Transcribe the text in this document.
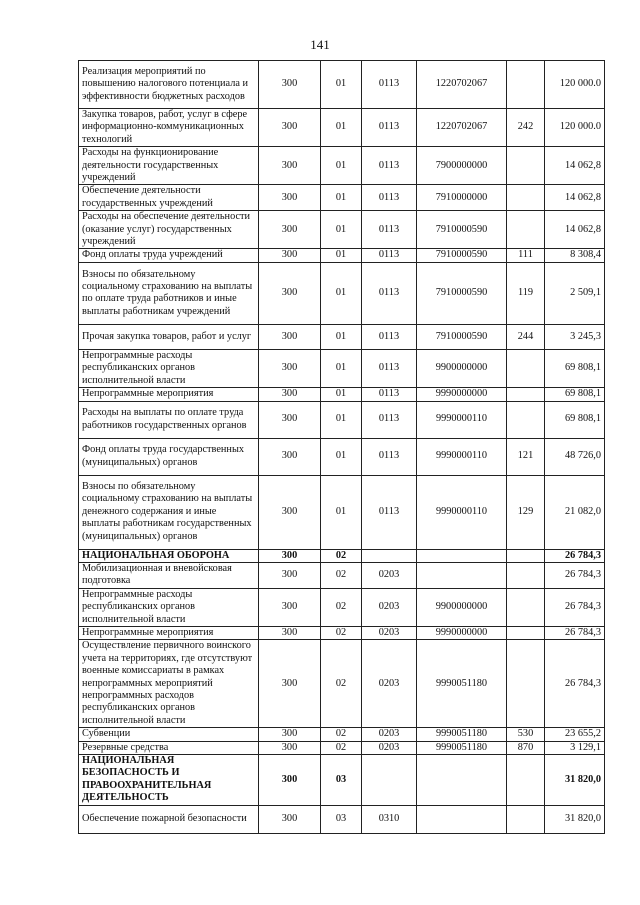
141
Реализация мероприятий по повышению налогового потенциала и эффективности бюджетных расходов	300	01	0113	1220702067		120 000.0
Закупка товаров, работ, услуг в сфере информационно-коммуникационных технологий	300	01	0113	1220702067	242	120 000.0
Расходы на функционирование деятельности государственных учреждений	300	01	0113	7900000000		14 062,8
Обеспечение деятельности государственных учреждений	300	01	0113	7910000000		14 062,8
Расходы на обеспечение деятельности (оказание услуг) государственных учреждений	300	01	0113	7910000590		14 062,8
Фонд оплаты труда учреждений	300	01	0113	7910000590	111	8 308,4
Взносы по обязательному социальному страхованию на выплаты по оплате труда работников и иные выплаты работникам учреждений	300	01	0113	7910000590	119	2 509,1
Прочая закупка товаров, работ и услуг	300	01	0113	7910000590	244	3 245,3
Непрограммные расходы республиканских органов исполнительной власти	300	01	0113	9900000000		69 808,1
Непрограммные мероприятия	300	01	0113	9990000000		69 808,1
Расходы на выплаты по оплате труда работников государственных органов	300	01	0113	9990000110		69 808,1
Фонд оплаты труда государственных (муниципальных) органов	300	01	0113	9990000110	121	48 726,0
Взносы по обязательному социальному страхованию на выплаты денежного содержания и иные выплаты работникам государственных (муниципальных) органов	300	01	0113	9990000110	129	21 082,0
НАЦИОНАЛЬНАЯ ОБОРОНА	300	02				26 784,3
Мобилизационная и вневойсковая подготовка	300	02	0203			26 784,3
Непрограммные расходы республиканских органов исполнительной власти	300	02	0203	9900000000		26 784,3
Непрограммные мероприятия	300	02	0203	9990000000		26 784,3
Осуществление первичного воинского учета на территориях, где отсутствуют военные комиссариаты в рамках непрограммных мероприятий непрограммных расходов республиканских органов исполнительной власти	300	02	0203	9990051180		26 784,3
Субвенции	300	02	0203	9990051180	530	23 655,2
Резервные средства	300	02	0203	9990051180	870	3 129,1
НАЦИОНАЛЬНАЯ БЕЗОПАСНОСТЬ И ПРАВООХРАНИТЕЛЬНАЯ ДЕЯТЕЛЬНОСТЬ	300	03				31 820,0
Обеспечение пожарной безопасности	300	03	0310			31 820,0
